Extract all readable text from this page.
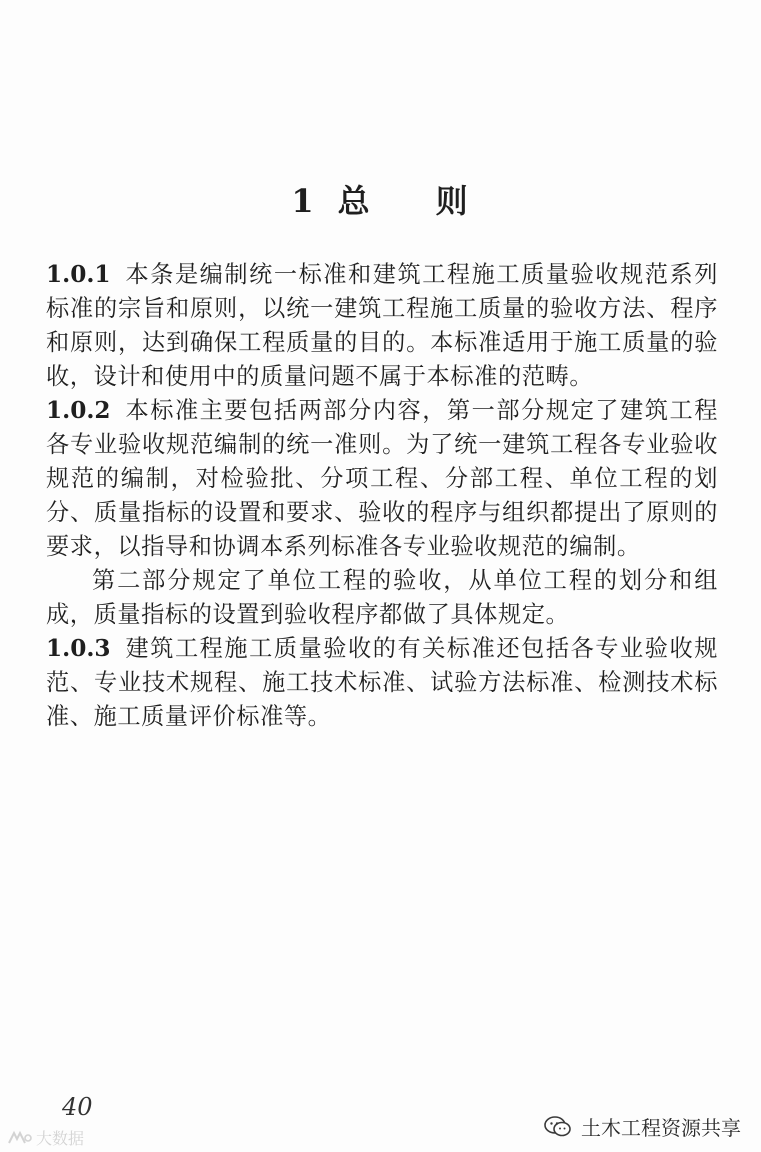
1 总 则

1.0.1 本条是编制统一标准和建筑工程施工质量验收规范系列标准的宗旨和原则，以统一建筑工程施工质量的验收方法、程序和原则，达到确保工程质量的目的。本标准适用于施工质量的验收，设计和使用中的质量问题不属于本标准的范畴。

1.0.2 本标准主要包括两部分内容，第一部分规定了建筑工程各专业验收规范编制的统一准则。为了统一建筑工程各专业验收规范的编制，对检验批、分项工程、分部工程、单位工程的划分、质量指标的设置和要求、验收的程序与组织都提出了原则的要求，以指导和协调本系列标准各专业验收规范的编制。

第二部分规定了单位工程的验收，从单位工程的划分和组成，质量指标的设置到验收程序都做了具体规定。

1.0.3 建筑工程施工质量验收的有关标准还包括各专业验收规范、专业技术规程、施工技术标准、试验方法标准、检测技术标准、施工质量评价标准等。

40
土木工程资源共享
大数据
